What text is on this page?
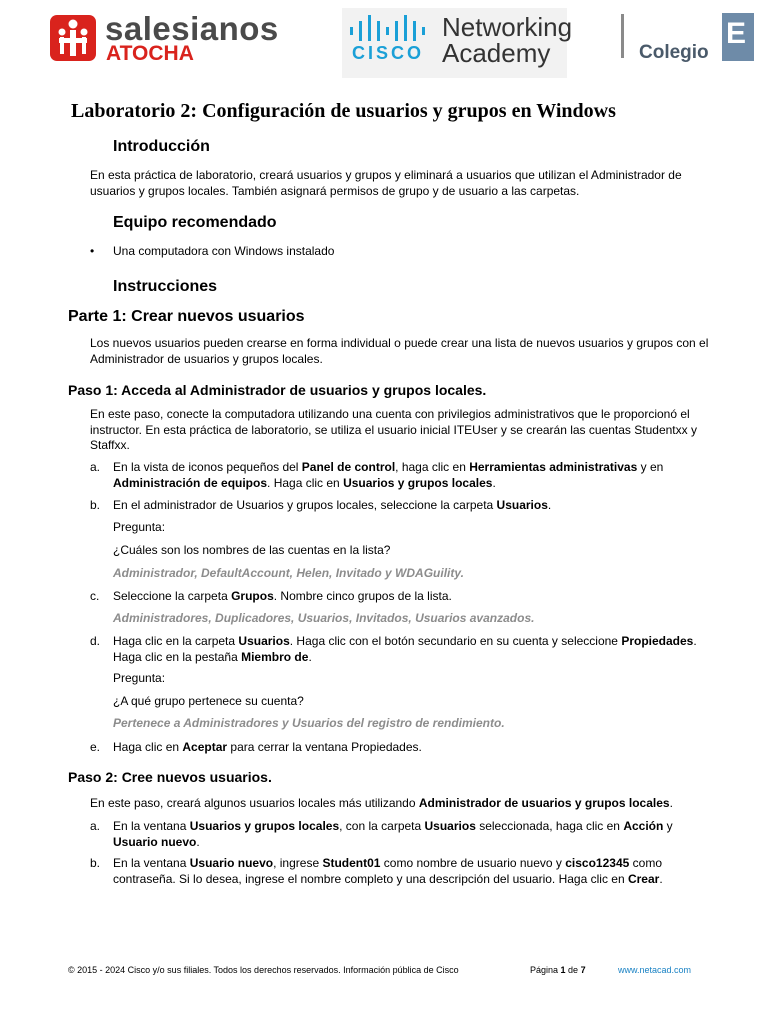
salesianos
ATOCHA	CISCO
Networking
Academy	Colegio
E
Laboratorio 2: Configuración de usuarios y grupos en Windows
Introducción

En esta práctica de laboratorio, creará usuarios y grupos y eliminará a usuarios que utilizan el Administrador de usuarios y grupos locales. También asignará permisos de grupo y de usuario a las carpetas.

Equipo recomendado
• Una computadora con Windows instalado

Instrucciones
Parte 1: Crear nuevos usuarios

Los nuevos usuarios pueden crearse en forma individual o puede crear una lista de nuevos usuarios y grupos con el Administrador de usuarios y grupos locales.

Paso 1: Acceda al Administrador de usuarios y grupos locales.

En este paso, conecte la computadora utilizando una cuenta con privilegios administrativos que le proporcionó el instructor. En esta práctica de laboratorio, se utiliza el usuario inicial ITEUser y se crearán las cuentas Studentxx y Staffxx.

a. En la vista de iconos pequeños del Panel de control, haga clic en Herramientas administrativas y en Administración de equipos. Haga clic en Usuarios y grupos locales.

b. En el administrador de Usuarios y grupos locales, seleccione la carpeta Usuarios.

Pregunta:

¿Cuáles son los nombres de las cuentas en la lista?

Administrador, DefaultAccount, Helen, Invitado y WDAGuility.

c. Seleccione la carpeta Grupos. Nombre cinco grupos de la lista.

Administradores, Duplicadores, Usuarios, Invitados, Usuarios avanzados.

d. Haga clic en la carpeta Usuarios. Haga clic con el botón secundario en su cuenta y seleccione Propiedades. Haga clic en la pestaña Miembro de.

Pregunta:

¿A qué grupo pertenece su cuenta?

Pertenece a Administradores y Usuarios del registro de rendimiento.

e. Haga clic en Aceptar para cerrar la ventana Propiedades.

Paso 2: Cree nuevos usuarios.

En este paso, creará algunos usuarios locales más utilizando Administrador de usuarios y grupos locales.

a. En la ventana Usuarios y grupos locales, con la carpeta Usuarios seleccionada, haga clic en Acción y Usuario nuevo.

b. En la ventana Usuario nuevo, ingrese Student01 como nombre de usuario nuevo y cisco12345 como contraseña. Si lo desea, ingrese el nombre completo y una descripción del usuario. Haga clic en Crear.

© 2015 - 2024 Cisco y/o sus filiales. Todos los derechos reservados. Información pública de Cisco	Página 1 de 7	www.netacad.com
